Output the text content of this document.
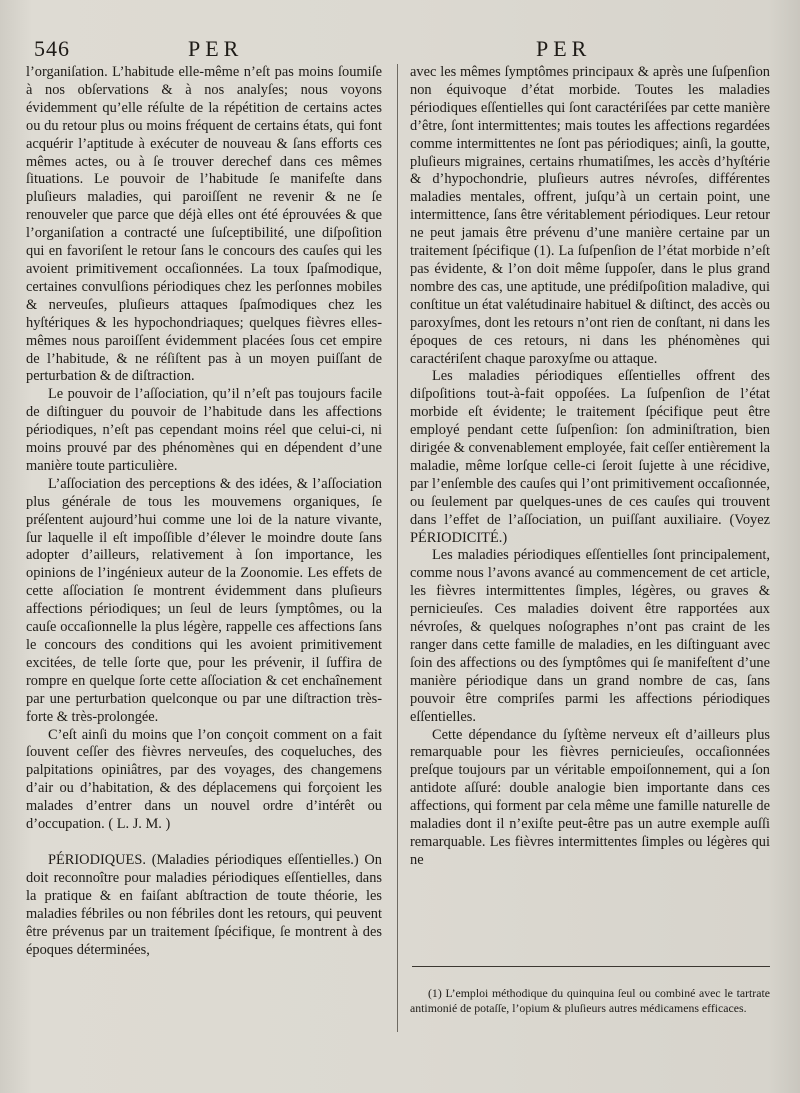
546	PER	PER

l’organiſation. L’habitude elle-même n’eſt pas moins ſoumiſe à nos obſervations & à nos analyſes; nous voyons évidemment qu’elle réſulte de la répétition de certains actes ou du retour plus ou moins fréquent de certains états, qui font acquérir l’aptitude à exécuter de nouveau & ſans efforts ces mêmes actes, ou à ſe trouver derechef dans ces mêmes ſituations. Le pouvoir de l’habitude ſe manifeſte dans pluſieurs maladies, qui paroiſſent ne revenir & ne ſe renouveler que parce que déjà elles ont été éprouvées & que l’organiſation a contracté une ſuſceptibilité, une diſpoſition qui en favoriſent le retour ſans le concours des cauſes qui les avoient primitivement occaſionnées. La toux ſpaſmodique, certaines convulſions périodiques chez les perſonnes mobiles & nerveuſes, pluſieurs attaques ſpaſmodiques chez les hyſtériques & les hypochondriaques; quelques fièvres elles-mêmes nous paroiſſent évidemment placées ſous cet empire de l’habitude, & ne réſiſtent pas à un moyen puiſſant de perturbation & de diſtraction.

Le pouvoir de l’aſſociation, qu’il n’eſt pas toujours facile de diſtinguer du pouvoir de l’habitude dans les affections périodiques, n’eſt pas cependant moins réel que celui-ci, ni moins prouvé par des phénomènes qui en dépendent d’une manière toute particulière.

L’aſſociation des perceptions & des idées, & l’aſſociation plus générale de tous les mouvemens organiques, ſe préſentent aujourd’hui comme une loi de la nature vivante, ſur laquelle il eſt impoſſible d’élever le moindre doute ſans adopter d’ailleurs, relativement à ſon importance, les opinions de l’ingénieux auteur de la Zoonomie. Les effets de cette aſſociation ſe montrent évidemment dans pluſieurs affections périodiques; un ſeul de leurs ſymptômes, ou la cauſe occaſionnelle la plus légère, rappelle ces affections ſans le concours des conditions qui les avoient primitivement excitées, de telle ſorte que, pour les prévenir, il ſuffira de rompre en quelque ſorte cette aſſociation & cet enchaînement par une perturbation quelconque ou par une diſtraction très-forte & très-prolongée.

C’eſt ainſi du moins que l’on conçoit comment on a fait ſouvent ceſſer des fièvres nerveuſes, des coqueluches, des palpitations opiniâtres, par des voyages, des changemens d’air ou d’habitation, & des déplacemens qui forçoient les malades d’entrer dans un nouvel ordre d’intérêt ou d’occupation. ( L. J. M. )

PÉRIODIQUES. (Maladies périodiques eſſentielles.) On doit reconnoître pour maladies périodiques eſſentielles, dans la pratique & en faiſant abſtraction de toute théorie, les maladies fébriles ou non fébriles dont les retours, qui peuvent être prévenus par un traitement ſpécifique, ſe montrent à des époques déterminées,

avec les mêmes ſymptômes principaux & après une ſuſpenſion non équivoque d’état morbide. Toutes les maladies périodiques eſſentielles qui ſont caractériſées par cette manière d’être, ſont intermittentes; mais toutes les affections regardées comme intermittentes ne ſont pas périodiques; ainſi, la goutte, pluſieurs migraines, certains rhumatiſmes, les accès d’hyſtérie & d’hypochondrie, pluſieurs autres névroſes, différentes maladies mentales, offrent, juſqu’à un certain point, une intermittence, ſans être véritablement périodiques. Leur retour ne peut jamais être prévenu d’une manière certaine par un traitement ſpécifique (1). La ſuſpenſion de l’état morbide n’eſt pas évidente, & l’on doit même ſuppoſer, dans le plus grand nombre des cas, une aptitude, une prédiſpoſition maladive, qui conſtitue un état valétudinaire habituel & diſtinct, des accès ou paroxyſmes, dont les retours n’ont rien de conſtant, ni dans les époques de ces retours, ni dans les phénomènes qui caractériſent chaque paroxyſme ou attaque.

Les maladies périodiques eſſentielles offrent des diſpoſitions tout-à-fait oppoſées. La ſuſpenſion de l’état morbide eſt évidente; le traitement ſpécifique peut être employé pendant cette ſuſpenſion: ſon adminiſtration, bien dirigée & convenablement employée, fait ceſſer entièrement la maladie, même lorſque celle-ci ſeroit ſujette à une récidive, par l’enſemble des cauſes qui l’ont primitivement occaſionnée, ou ſeulement par quelques-unes de ces cauſes qui trouvent dans l’effet de l’aſſociation, un puiſſant auxiliaire. (Voyez PÉRIODICITÉ.)

Les maladies périodiques eſſentielles ſont principalement, comme nous l’avons avancé au commencement de cet article, les fièvres intermittentes ſimples, légères, ou graves & pernicieuſes. Ces maladies doivent être rapportées aux névroſes, & quelques noſographes n’ont pas craint de les ranger dans cette famille de maladies, en les diſtinguant avec ſoin des affections ou des ſymptômes qui ſe manifeſtent d’une manière périodique dans un grand nombre de cas, ſans pouvoir être compriſes parmi les affections périodiques eſſentielles.

Cette dépendance du ſyſtème nerveux eſt d’ailleurs plus remarquable pour les fièvres pernicieuſes, occaſionnées preſque toujours par un véritable empoiſonnement, qui a ſon antidote aſſuré: double analogie bien importante dans ces affections, qui forment par cela même une famille naturelle de maladies dont il n’exiſte peut-être pas un autre exemple auſſi remarquable. Les fièvres intermittentes ſimples ou légères qui ne

(1) L’emploi méthodique du quinquina ſeul ou combiné avec le tartrate antimonié de potaſſe, l’opium & pluſieurs autres médicamens efficaces.
